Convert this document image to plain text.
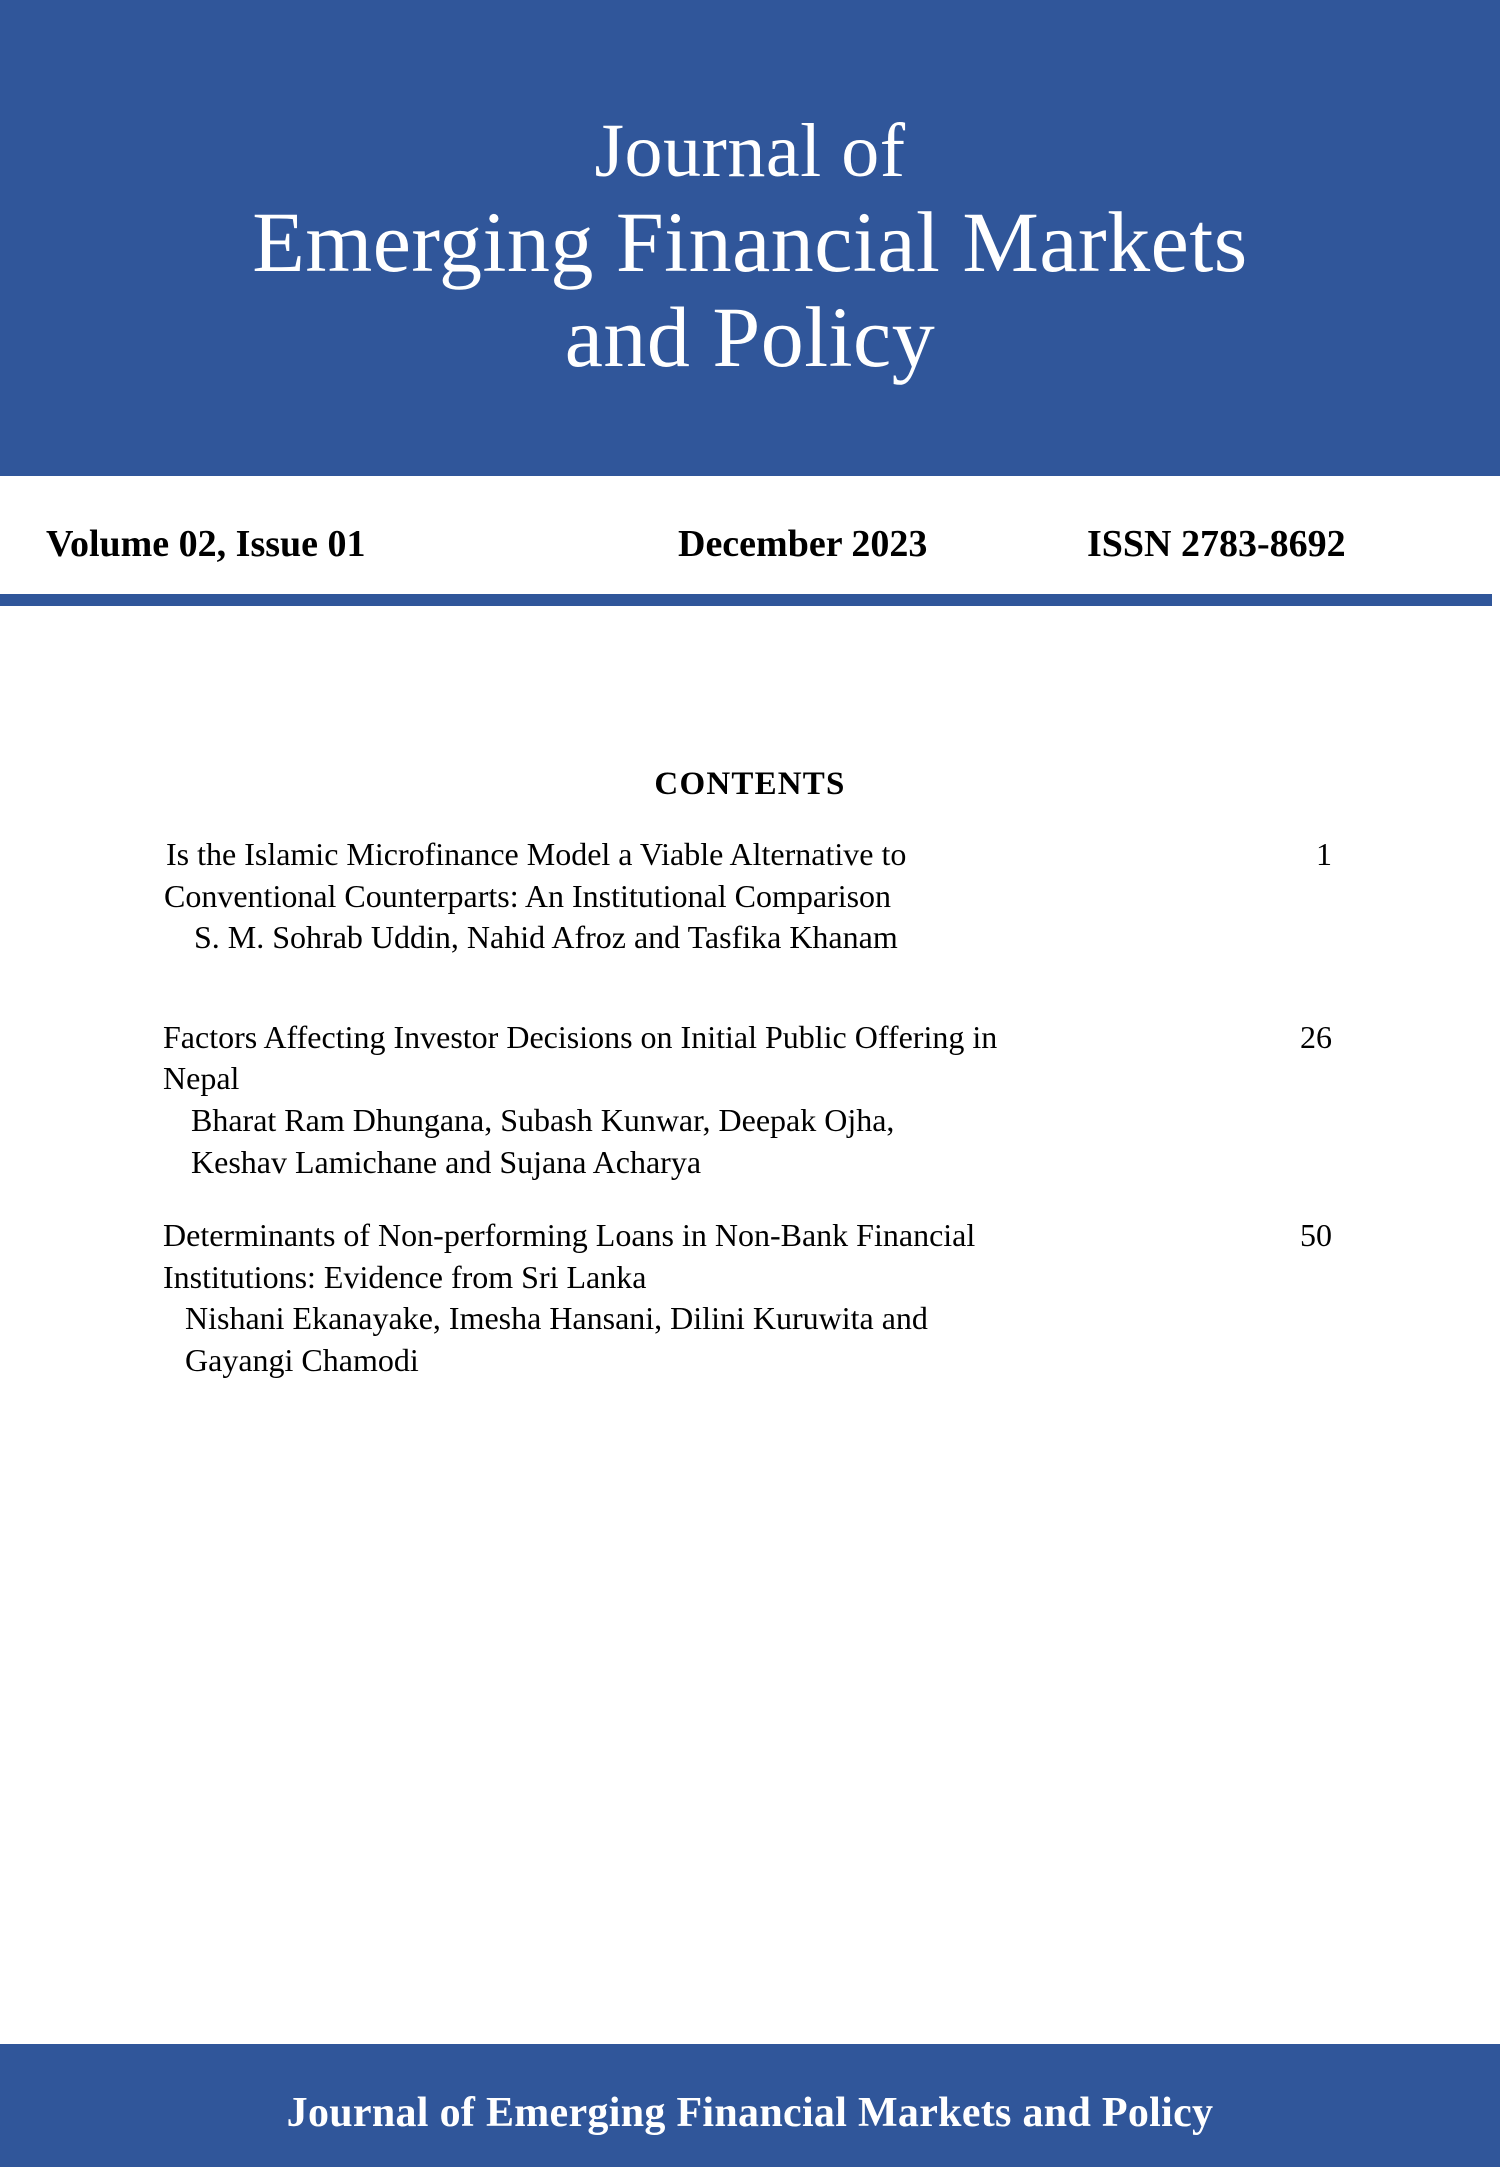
Journal of
Emerging Financial Markets
and Policy
Volume 02, Issue 01	December 2023	ISSN 2783-8692
CONTENTS
Is the Islamic Microfinance Model a Viable Alternative to
Conventional Counterparts: An Institutional Comparison
S. M. Sohrab Uddin, Nahid Afroz and Tasfika Khanam
1
Factors Affecting Investor Decisions on Initial Public Offering in
Nepal
Bharat Ram Dhungana, Subash Kunwar, Deepak Ojha,
Keshav Lamichane and Sujana Acharya
26
Determinants of Non-performing Loans in Non-Bank Financial
Institutions: Evidence from Sri Lanka
Nishani Ekanayake, Imesha Hansani, Dilini Kuruwita and
Gayangi Chamodi
50
Journal of Emerging Financial Markets and Policy
